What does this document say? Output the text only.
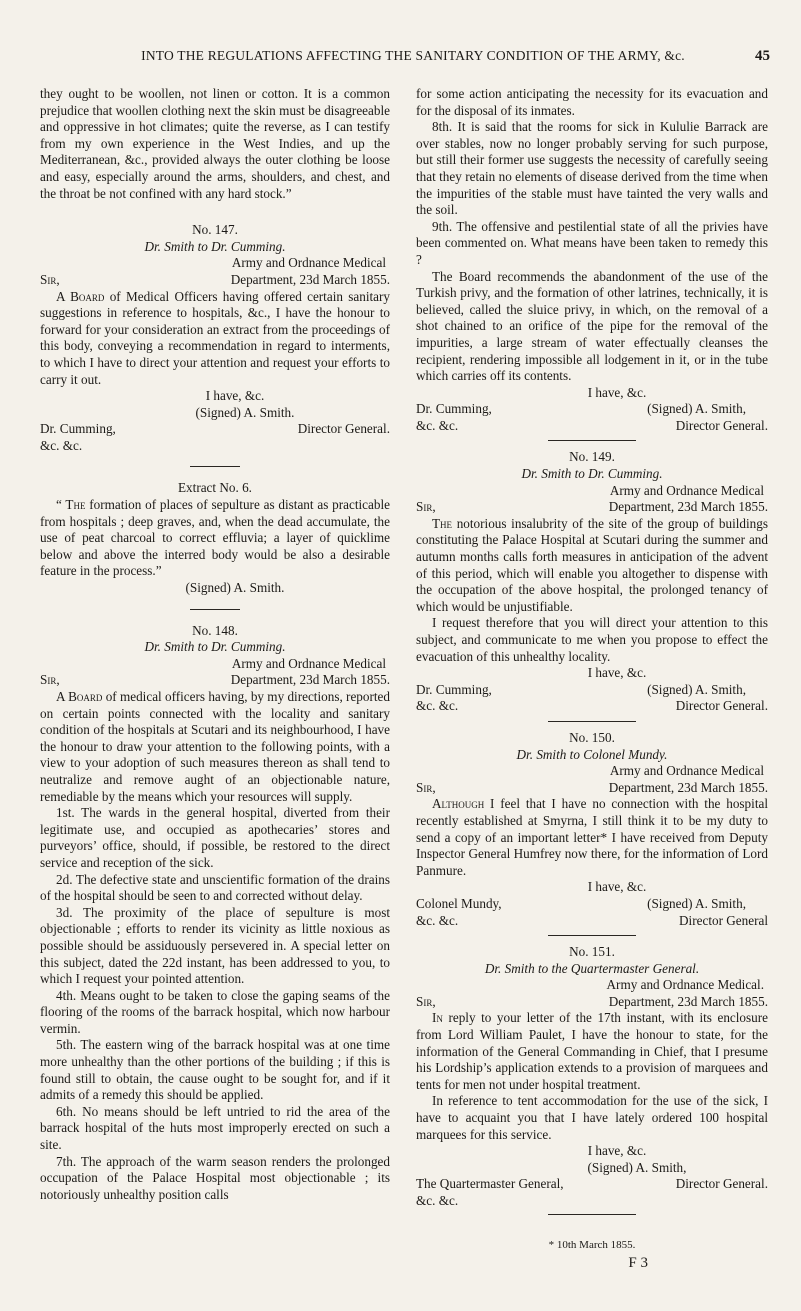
INTO THE REGULATIONS AFFECTING THE SANITARY CONDITION OF THE ARMY, &c.	45

they ought to be woollen, not linen or cotton. It is a common prejudice that woollen clothing next the skin must be disagreeable and oppressive in hot climates; quite the reverse, as I can testify from my own experience in the West Indies, and up the Mediterranean, &c., provided always the outer clothing be loose and easy, especially around the arms, shoulders, and chest, and the throat be not confined with any hard stock.”

No. 147.
Dr. Smith to Dr. Cumming.
Army and Ordnance Medical
Sir,	Department, 23d March 1855.

A Board of Medical Officers having offered certain sanitary suggestions in reference to hospitals, &c., I have the honour to forward for your consideration an extract from the proceedings of this body, conveying a recommendation in regard to interments, to which I have to direct your attention and request your efforts to carry it out.

I have, &c.
(Signed) A. Smith.
Dr. Cumming,	Director General.
&c. &c.
Extract No. 6.

“ The formation of places of sepulture as distant as practicable from hospitals ; deep graves, and, when the dead accumulate, the use of peat charcoal to correct effluvia; a layer of quicklime below and above the interred body would be also a desirable feature in the process.”

(Signed) A. Smith.
No. 148.
Dr. Smith to Dr. Cumming.
Army and Ordnance Medical
Sir,	Department, 23d March 1855.

A Board of medical officers having, by my directions, reported on certain points connected with the locality and sanitary condition of the hospitals at Scutari and its neighbourhood, I have the honour to draw your attention to the following points, with a view to your adoption of such measures thereon as shall tend to neutralize and remove aught of an objectionable nature, remediable by the means which your resources will supply.

1st. The wards in the general hospital, diverted from their legitimate use, and occupied as apothecaries’ stores and purveyors’ office, should, if possible, be restored to the direct service and reception of the sick.

2d. The defective state and unscientific formation of the drains of the hospital should be seen to and corrected without delay.

3d. The proximity of the place of sepulture is most objectionable ; efforts to render its vicinity as little noxious as possible should be assiduously persevered in. A special letter on this subject, dated the 22d instant, has been addressed to you, to which I request your pointed attention.

4th. Means ought to be taken to close the gaping seams of the flooring of the rooms of the barrack hospital, which now harbour vermin.

5th. The eastern wing of the barrack hospital was at one time more unhealthy than the other portions of the building ; if this is found still to obtain, the cause ought to be sought for, and if it admits of a remedy this should be applied.

6th. No means should be left untried to rid the area of the barrack hospital of the huts most improperly erected on such a site.

7th. The approach of the warm season renders the prolonged occupation of the Palace Hospital most objectionable ; its notoriously unhealthy position calls

for some action anticipating the necessity for its evacuation and for the disposal of its inmates.

8th. It is said that the rooms for sick in Kululie Barrack are over stables, now no longer probably serving for such purpose, but still their former use suggests the necessity of carefully seeing that they retain no elements of disease derived from the time when the impurities of the stable must have tainted the very walls and the soil.

9th. The offensive and pestilential state of all the privies have been commented on. What means have been taken to remedy this ?

The Board recommends the abandonment of the use of the Turkish privy, and the formation of other latrines, technically, it is believed, called the sluice privy, in which, on the removal of a shot chained to an orifice of the pipe for the removal of the impurities, a large stream of water effectually cleanses the recipient, rendering impossible all lodgement in it, or in the tube which carries off its contents.

I have, &c.
Dr. Cumming,	(Signed) A. Smith,
&c. &c.	Director General.
No. 149.
Dr. Smith to Dr. Cumming.
Army and Ordnance Medical
Sir,	Department, 23d March 1855.

The notorious insalubrity of the site of the group of buildings constituting the Palace Hospital at Scutari during the summer and autumn months calls forth measures in anticipation of the advent of this period, which will enable you altogether to dispense with the occupation of the above hospital, the prolonged tenancy of which would be unjustifiable.

I request therefore that you will direct your attention to this subject, and communicate to me when you propose to effect the evacuation of this unhealthy locality.

I have, &c.
Dr. Cumming,	(Signed) A. Smith,
&c. &c.	Director General.
No. 150.
Dr. Smith to Colonel Mundy.
Army and Ordnance Medical
Sir,	Department, 23d March 1855.

Although I feel that I have no connection with the hospital recently established at Smyrna, I still think it to be my duty to send a copy of an important letter* I have received from Deputy Inspector General Humfrey now there, for the information of Lord Panmure.

I have, &c.
Colonel Mundy,	(Signed) A. Smith,
&c. &c.	Director General
No. 151.
Dr. Smith to the Quartermaster General.
Army and Ordnance Medical.
Sir,	Department, 23d March 1855.

In reply to your letter of the 17th instant, with its enclosure from Lord William Paulet, I have the honour to state, for the information of the General Commanding in Chief, that I presume his Lordship’s application extends to a provision of marquees and tents for men not under hospital treatment.

In reference to tent accommodation for the use of the sick, I have to acquaint you that I have lately ordered 100 hospital marquees for this service.

I have, &c.
(Signed) A. Smith,
The Quartermaster General,	Director General.
&c. &c.
* 10th March 1855.
F 3
